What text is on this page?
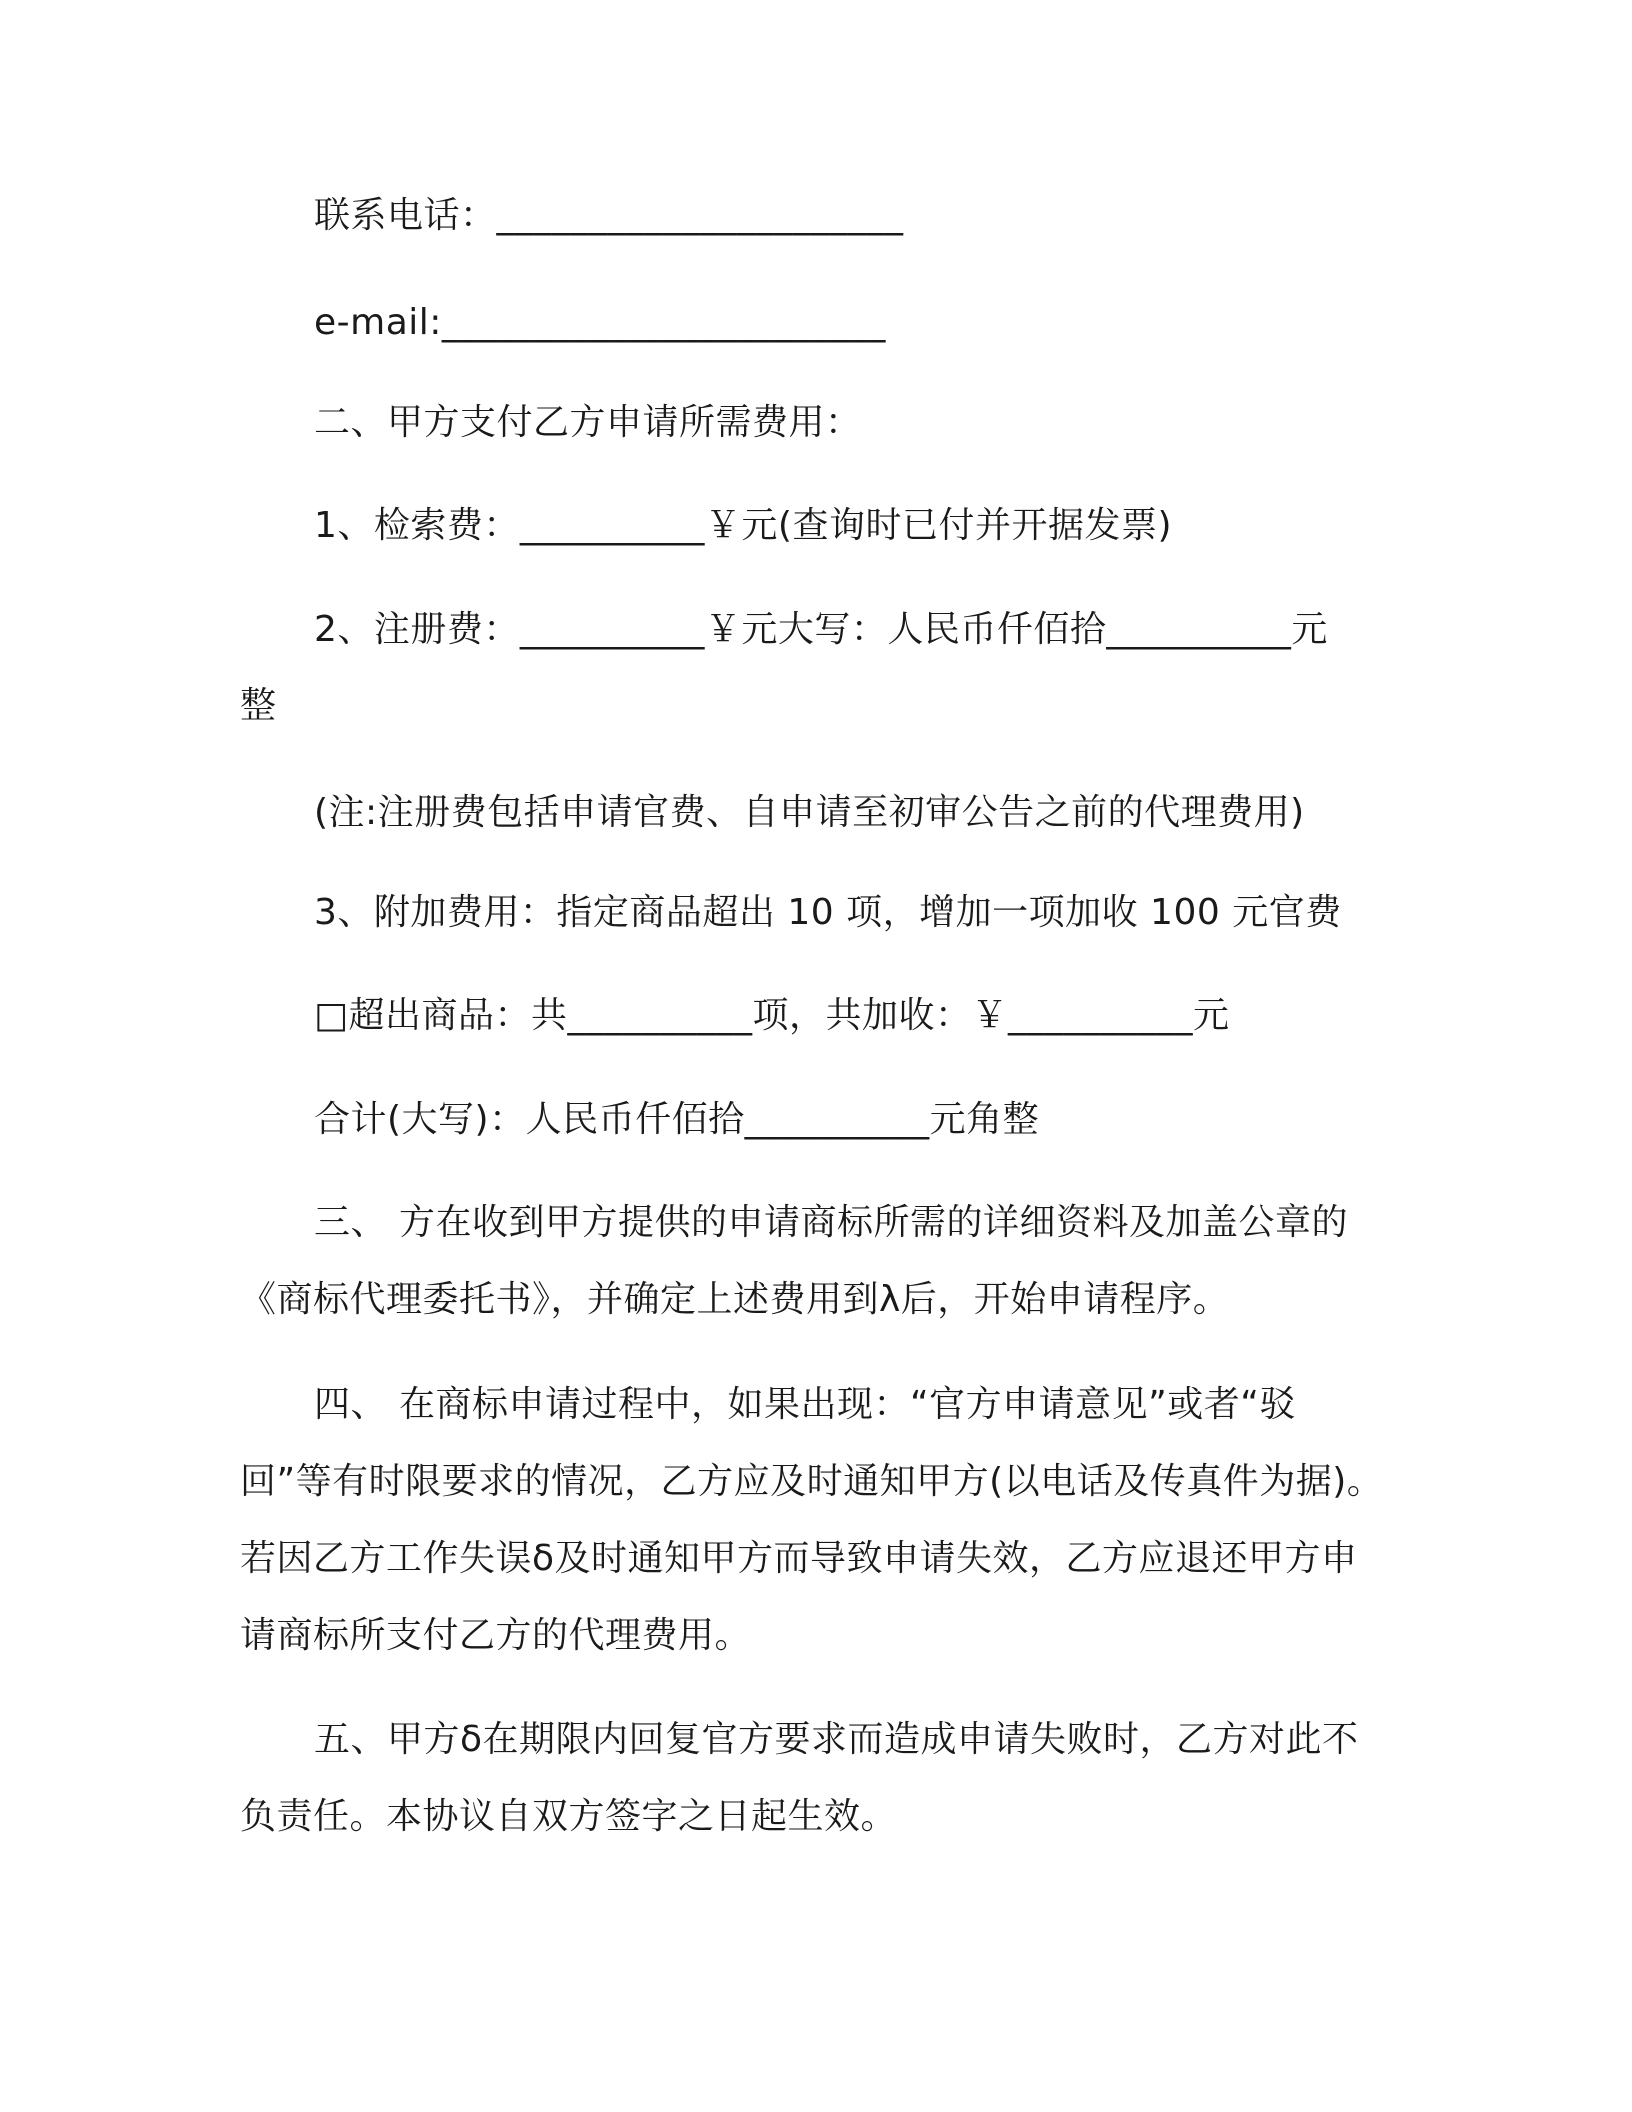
联系电话：______________________
e-mail:________________________
二、甲方支付乙方申请所需费用：
1、检索费：__________￥元(查询时已付并开据发票)
2、注册费：__________￥元大写：人民币仟佰拾__________元
整
(注:注册费包括申请官费、自申请至初审公告之前的代理费用)
3、附加费用：指定商品超出 10 项，增加一项加收 100 元官费
□超出商品：共__________项，共加收：￥__________元
合计(大写)：人民币仟佰拾__________元角整
三、 方在收到甲方提供的申请商标所需的详细资料及加盖公章的
《商标代理委托书》，并确定上述费用到λ后，开始申请程序。
四、 在商标申请过程中，如果出现：“官方申请意见”或者“驳
回”等有时限要求的情况，乙方应及时通知甲方(以电话及传真件为据)。
若因乙方工作失误δ及时通知甲方而导致申请失效，乙方应退还甲方申
请商标所支付乙方的代理费用。
五、甲方δ在期限内回复官方要求而造成申请失败时，乙方对此不
负责任。本协议自双方签字之日起生效。
